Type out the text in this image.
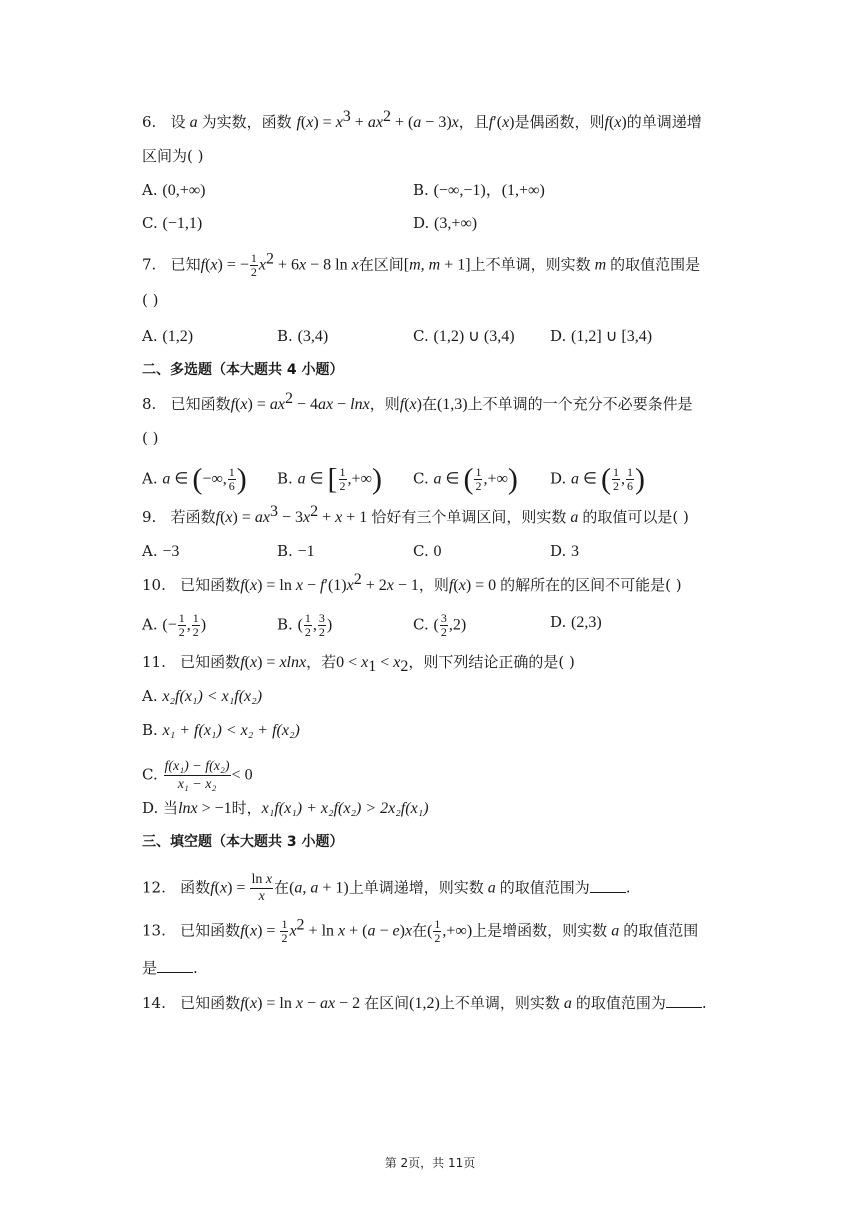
6. 设 a 为实数，函数 $f(x) = x^3 + ax^2 + (a - 3)x$，且f′(x)是偶函数，则f(x)的单调递增
区间为( )
A. (0,+∞)	B. (−∞,−1)，(1,+∞)
C. (−1,1)	D. (3,+∞)
7. 已知f(x) = − $\frac{1}{2} x^2 + 6x - 8$ ln x在区间[m, m + 1]上不单调，则实数 m 的取值范围是
( )
A. (1,2)	B. (3,4)	C. (1,2) ∪ (3,4) D. (1,2] ∪ [3,4)
二、多选题（本大题共 4 小题）
8. 已知函数$f(x) = ax^2 - 4ax - \ln x$，则f(x)在(1,3)上不单调的一个充分不必要条件是
( )
A. a ∈ (−∞, $\frac{1}{6}$ ) B. a ∈ [ $\frac{1}{2}$ ,+∞) C. a ∈ ( $\frac{1}{2}$ ,+∞) D. a ∈ ( $\frac{1}{2}$ , $\frac{1}{6}$ )
9. 若函数$f(x) = ax^3 - 3x^2 + x + 1$ 恰好有三个单调区间，则实数 a 的取值可以是( )
A. −3	B. −1	C. 0	D. 3
10. 已知函数$f(x) = \ln x - f'(1)x^2 + 2x - 1$，则f(x) = 0 的解所在的区间不可能是( )
A. (− $\frac{1}{2}$ , $\frac{1}{2}$ )	B. ( $\frac{1}{2}$ , $\frac{3}{2}$ )	C. ( $\frac{3}{2} ,2$)	D. (2,3)
11. 已知函数f(x) = xlnx，若$0 < x_1 < x_2$，则下列结论正确的是( )
A. x₂f(x₁) < x₁f(x₂)
B. x₁ + f(x₁) < x₂ + f(x₂)
C. $\frac{\text{f(x₁) − f(x₂)}}{\text{x₁ − x₂}} < 0$
D. 当lnx > −1时，x₁f(x₁) + x₂f(x₂) > 2x₂f(x₁)
三、填空题（本大题共 3 小题）
12. 函数$f(x) = \frac{\text{ln x}}{x}$ 在(a, a + 1)上单调递增，则实数 a 的取值范围为 .
13. 已知函数$f(x) = \frac{1}{2} x^2 + \ln x + (a - e)x$在( $\frac{1}{2}$ ,+∞)上是增函数，则实数 a 的取值范围
是 .
14. 已知函数f(x) = ln x − ax − 2 在区间(1,2)上不单调，则实数 a 的取值范围为 .
第 2页，共 11页
